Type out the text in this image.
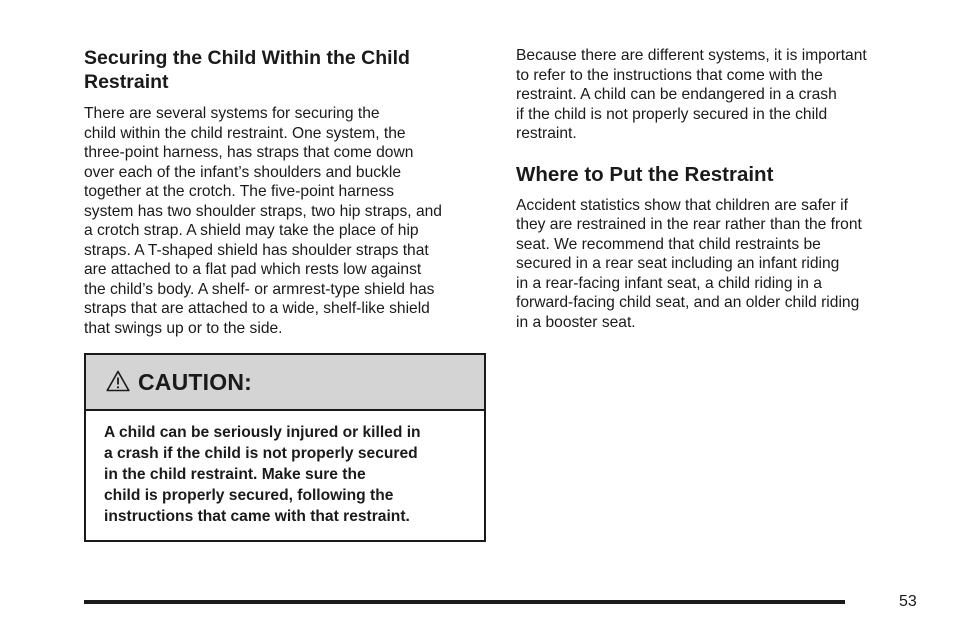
Securing the Child Within the Child
Restraint

There are several systems for securing the
child within the child restraint. One system, the
three-point harness, has straps that come down
over each of the infant’s shoulders and buckle
together at the crotch. The five-point harness
system has two shoulder straps, two hip straps, and
a crotch strap. A shield may take the place of hip
straps. A T-shaped shield has shoulder straps that
are attached to a flat pad which rests low against
the child’s body. A shelf- or armrest-type shield has
straps that are attached to a wide, shelf-like shield
that swings up or to the side.

CAUTION:
A child can be seriously injured or killed in
a crash if the child is not properly secured
in the child restraint. Make sure the
child is properly secured, following the
instructions that came with that restraint.

Because there are different systems, it is important
to refer to the instructions that come with the
restraint. A child can be endangered in a crash
if the child is not properly secured in the child
restraint.

Where to Put the Restraint

Accident statistics show that children are safer if
they are restrained in the rear rather than the front
seat. We recommend that child restraints be
secured in a rear seat including an infant riding
in a rear-facing infant seat, a child riding in a
forward-facing child seat, and an older child riding
in a booster seat.

53
